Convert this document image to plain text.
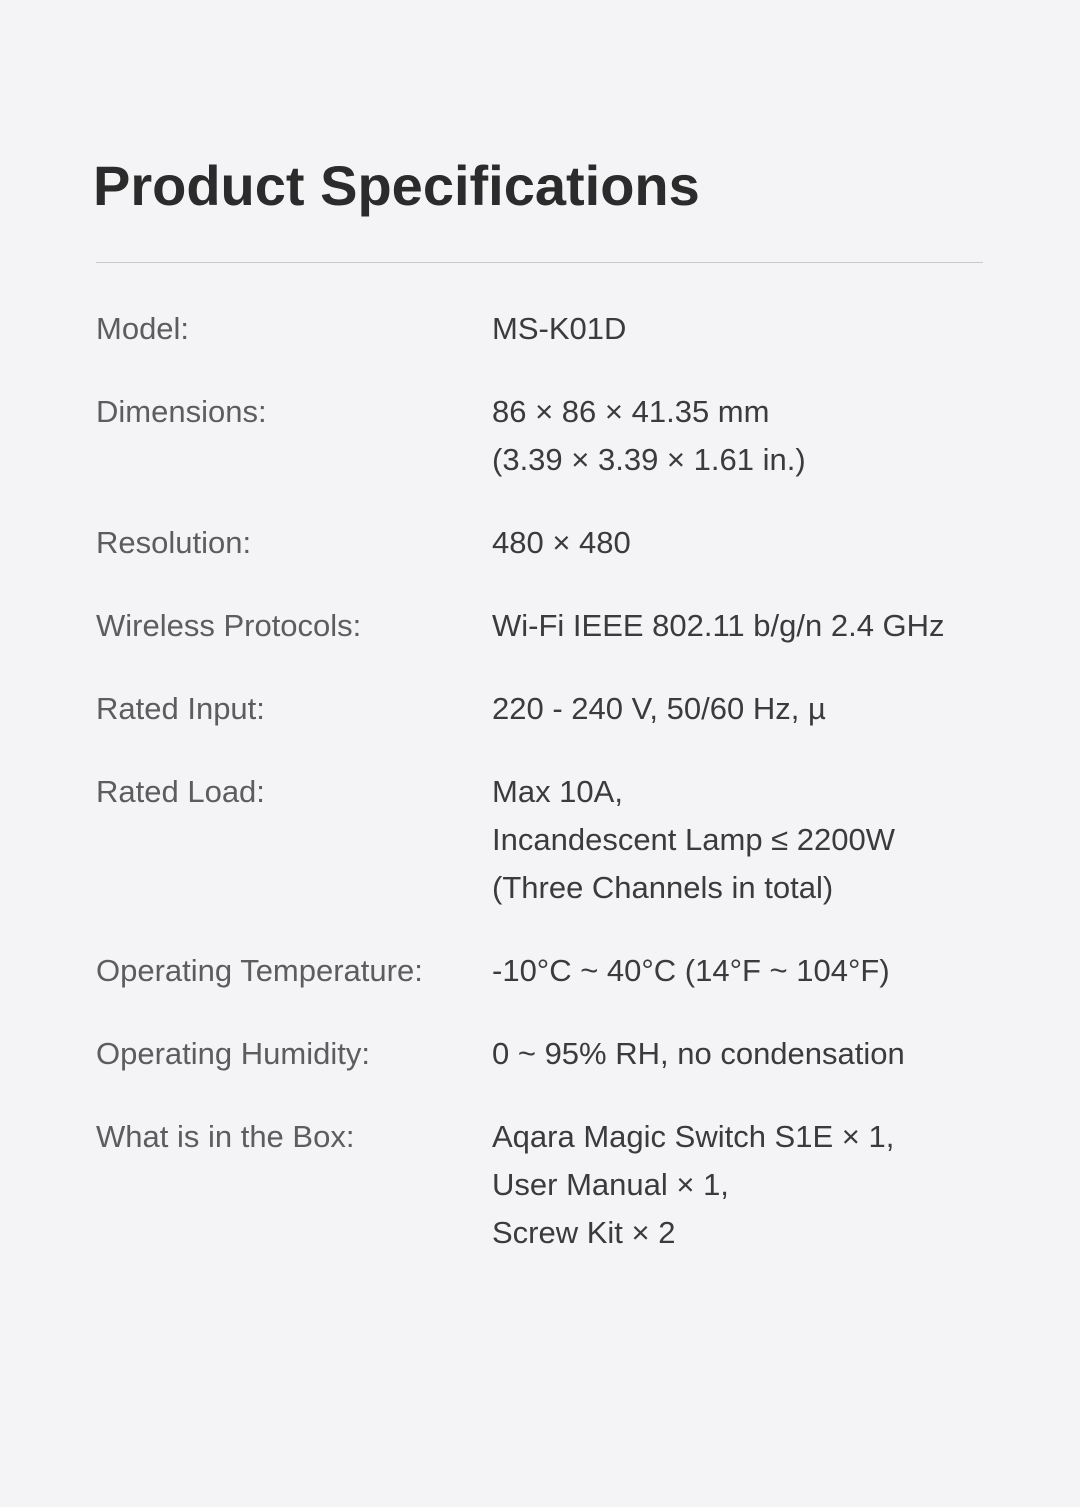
Product Specifications
Model:	MS-K01D
Dimensions:	86 × 86 × 41.35 mm
(3.39 × 3.39 × 1.61 in.)
Resolution:	480 × 480
Wireless Protocols:	Wi-Fi IEEE 802.11 b/g/n 2.4 GHz
Rated Input:	220 - 240 V, 50/60 Hz, µ
Rated Load:	Max 10A,
Incandescent Lamp ≤ 2200W
(Three Channels in total)
Operating Temperature:	-10°C ~ 40°C (14°F ~ 104°F)
Operating Humidity:	0 ~ 95% RH, no condensation
What is in the Box:	Aqara Magic Switch S1E × 1,
User Manual × 1,
Screw Kit × 2
